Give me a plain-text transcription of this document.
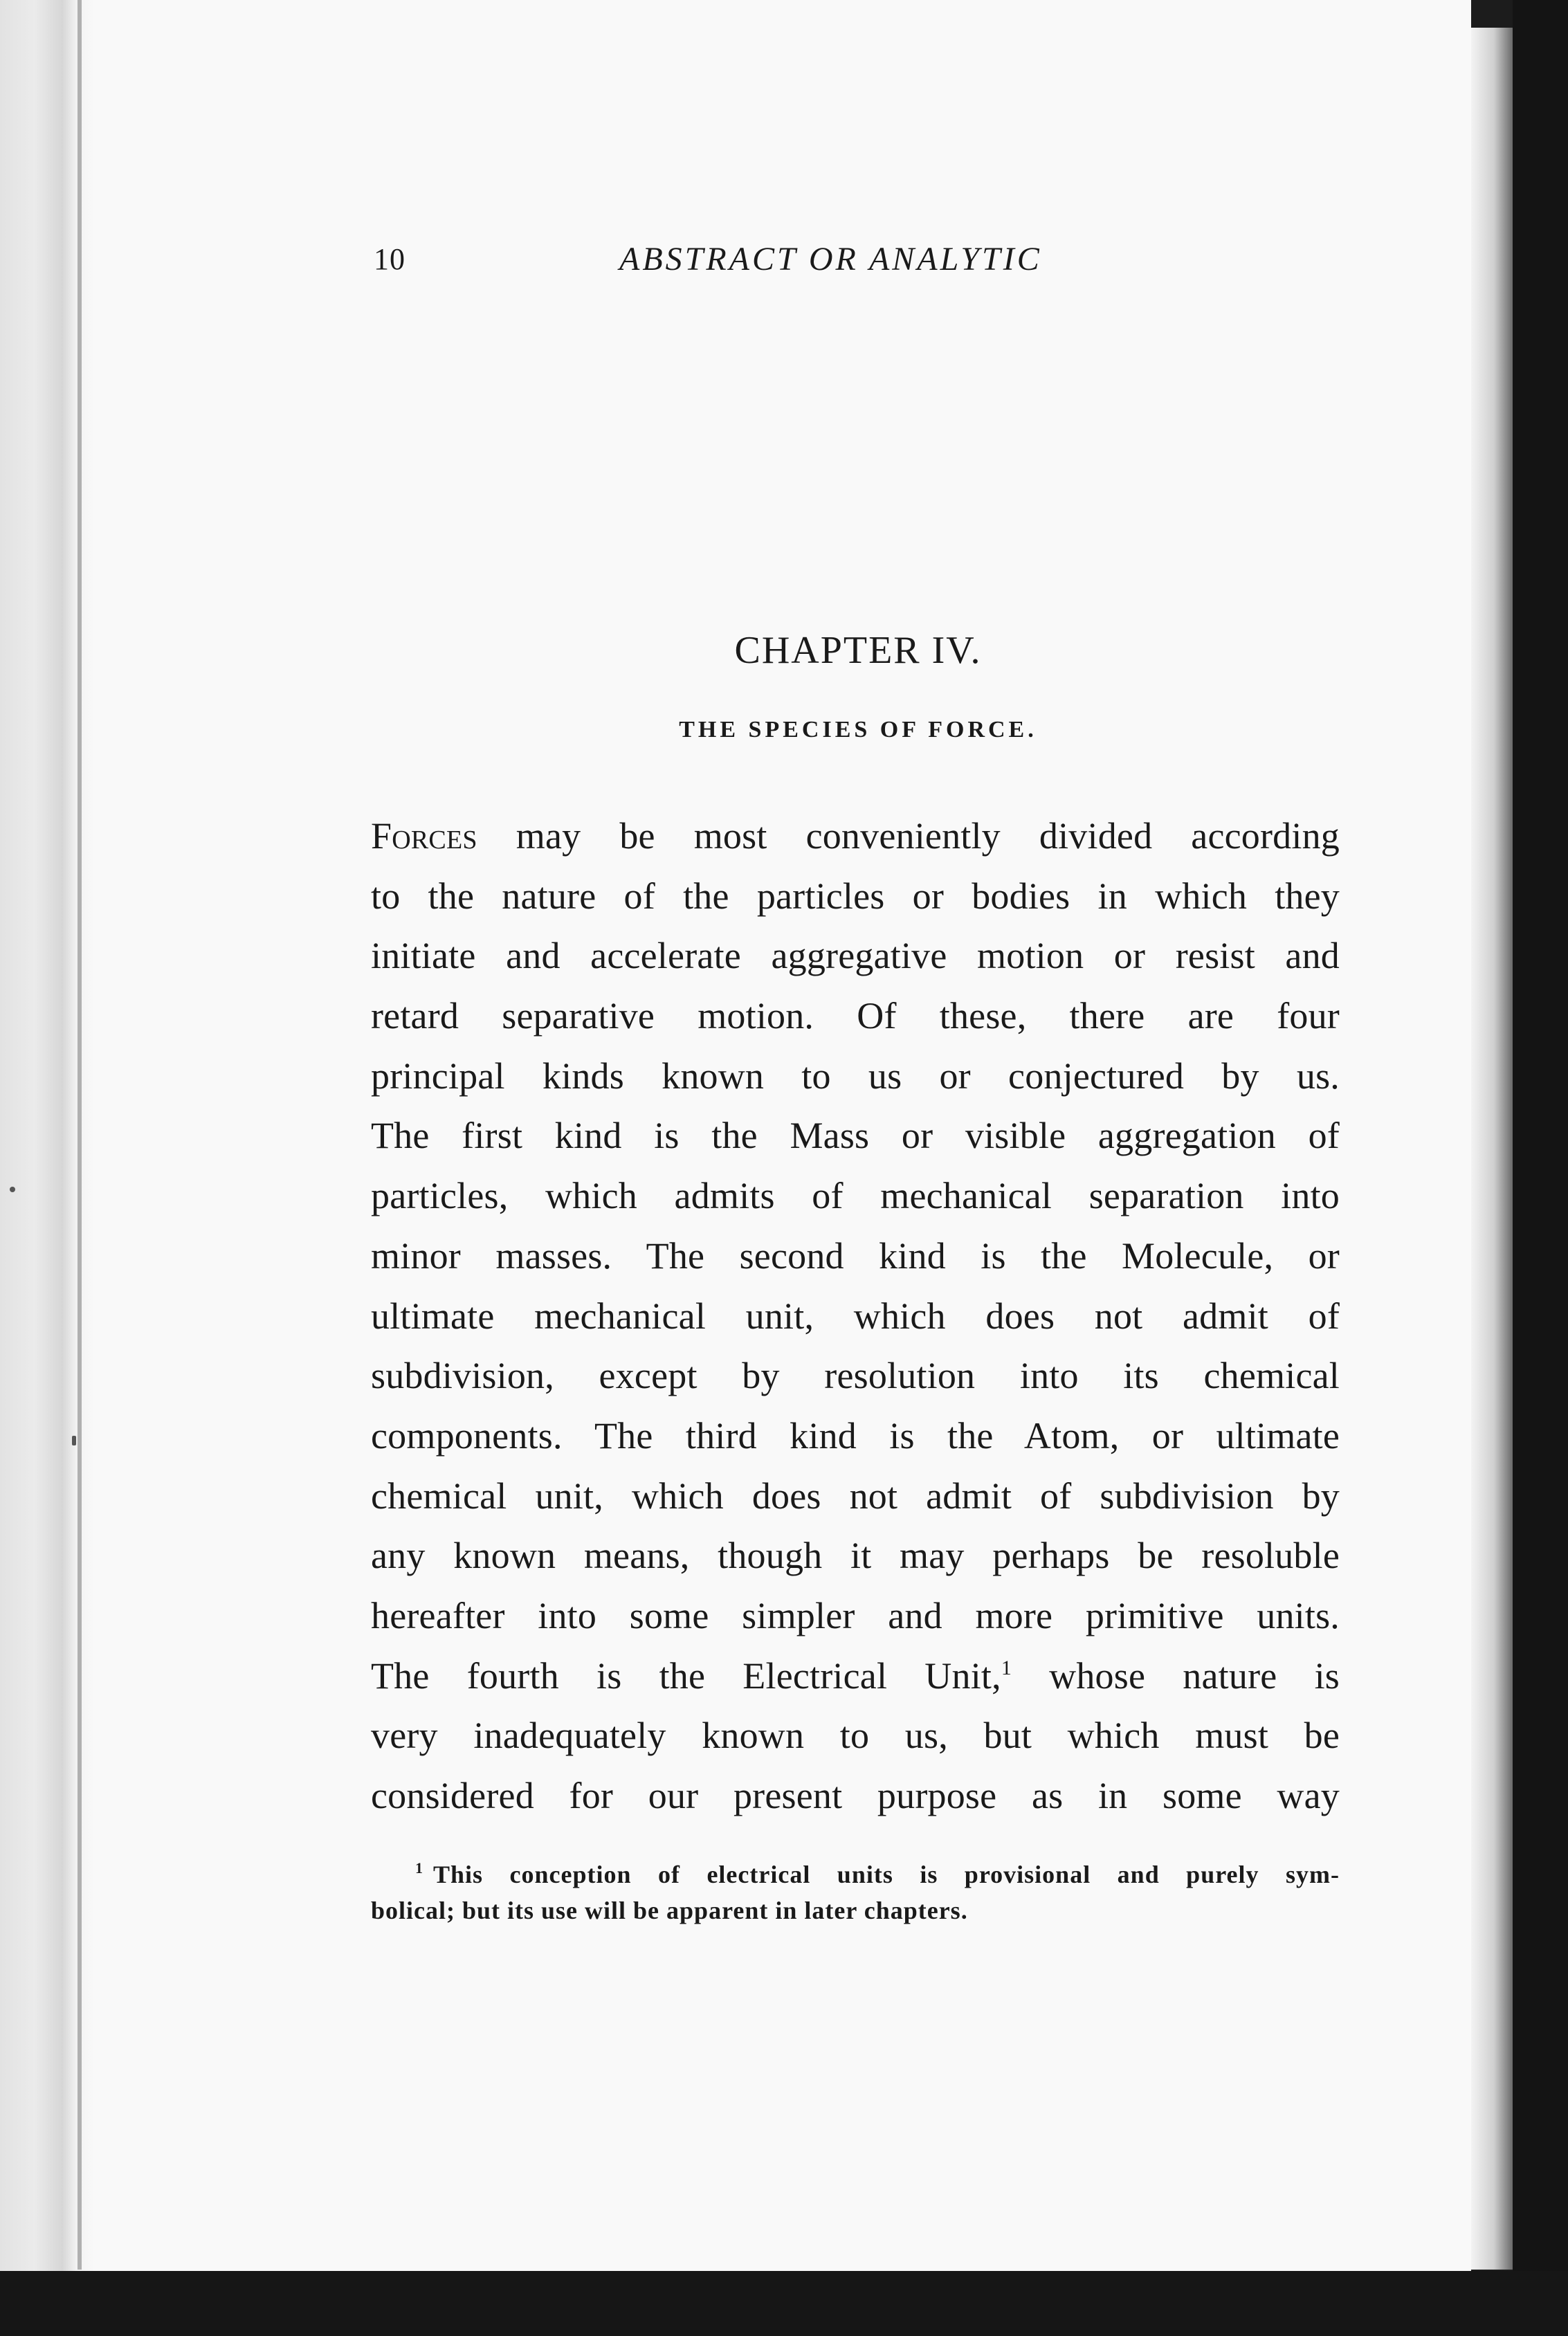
10	ABSTRACT OR ANALYTIC
CHAPTER IV.
THE SPECIES OF FORCE.
Forces may be most conveniently divided according
to the nature of the particles or bodies in which they
initiate and accelerate aggregative motion or resist and
retard separative motion. Of these, there are four
principal kinds known to us or conjectured by us.
The first kind is the Mass or visible aggregation of
particles, which admits of mechanical separation into
minor masses. The second kind is the Molecule, or
ultimate mechanical unit, which does not admit of
subdivision, except by resolution into its chemical
components. The third kind is the Atom, or ultimate
chemical unit, which does not admit of subdivision by
any known means, though it may perhaps be resoluble
hereafter into some simpler and more primitive units.
The fourth is the Electrical Unit,$^1$ whose nature is
very inadequately known to us, but which must be
considered for our present purpose as in some way
$^1$ This conception of electrical units is provisional and purely sym-
bolical; but its use will be apparent in later chapters.
